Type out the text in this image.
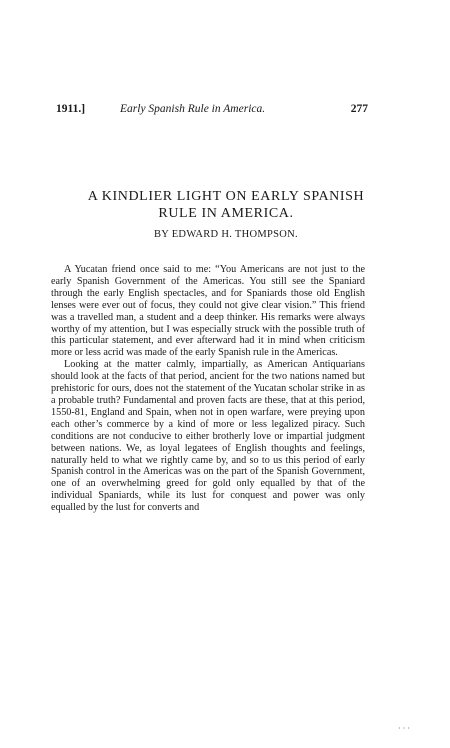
1911.]	Early Spanish Rule in America.	277
A KINDLIER LIGHT ON EARLY SPANISH
RULE IN AMERICA.
BY EDWARD H. THOMPSON.

A Yucatan friend once said to me: “You Americans are not just to the early Spanish Government of the Americas. You still see the Spaniard through the early English spectacles, and for Spaniards those old English lenses were ever out of focus, they could not give clear vision.” This friend was a travelled man, a student and a deep thinker. His remarks were always worthy of my attention, but I was especially struck with the possible truth of this particular statement, and ever afterward had it in mind when criticism more or less acrid was made of the early Spanish rule in the Americas.

Looking at the matter calmly, impartially, as American Antiquarians should look at the facts of that period, ancient for the two nations named but prehistoric for ours, does not the statement of the Yucatan scholar strike in as a probable truth? Fundamental and proven facts are these, that at this period, 1550-81, England and Spain, when not in open warfare, were preying upon each other’s commerce by a kind of more or less legalized piracy. Such conditions are not conducive to either brotherly love or impartial judgment between nations. We, as loyal legatees of English thoughts and feelings, naturally held to what we rightly came by, and so to us this period of early Spanish control in the Americas was on the part of the Spanish Government, one of an overwhelming greed for gold only equalled by that of the individual Spaniards, while its lust for conquest and power was only equalled by the lust for converts and

· · ·
